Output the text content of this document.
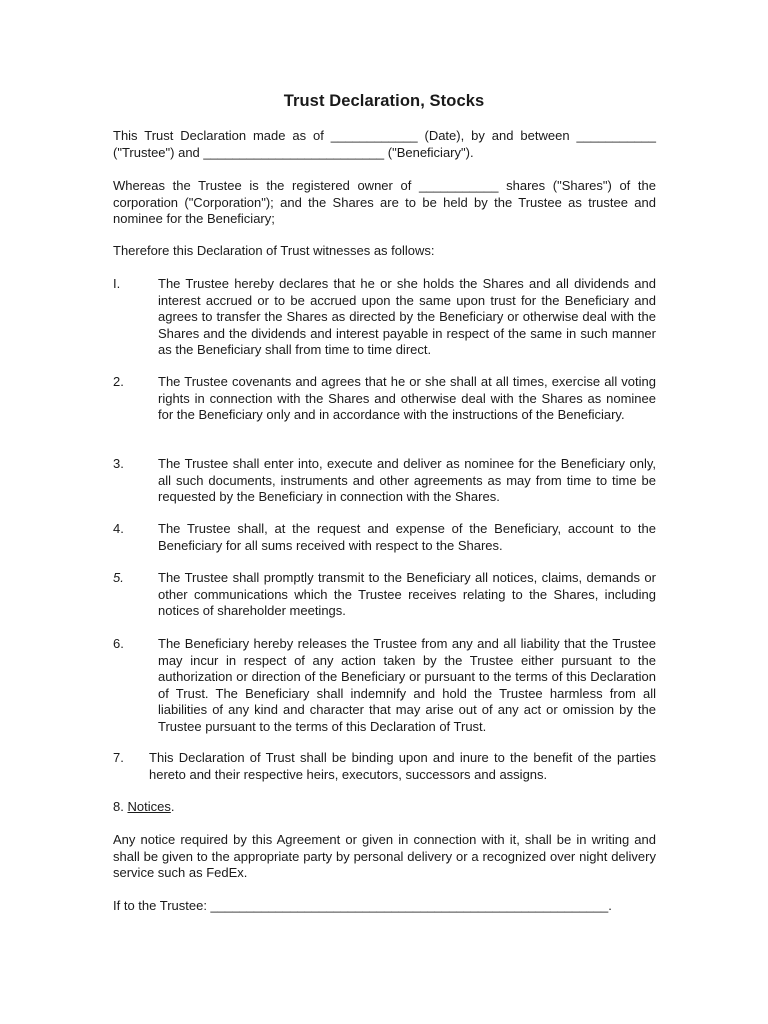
Trust Declaration, Stocks
This Trust Declaration made as of ____________ (Date), by and between ___________ ("Trustee") and _________________________ ("Beneficiary").
Whereas the Trustee is the registered owner of ___________ shares ("Shares") of the corporation ("Corporation"); and the Shares are to be held by the Trustee as trustee and nominee for the Beneficiary;
Therefore this Declaration of Trust witnesses as follows:
I.	The Trustee hereby declares that he or she holds the Shares and all dividends and interest accrued or to be accrued upon the same upon trust for the Beneficiary and agrees to transfer the Shares as directed by the Beneficiary or otherwise deal with the Shares and the dividends and interest payable in respect of the same in such manner as the Beneficiary shall from time to time direct.
2.	The Trustee covenants and agrees that he or she shall at all times, exercise all voting rights in connection with the Shares and otherwise deal with the Shares as nominee for the Beneficiary only and in accordance with the instructions of the Beneficiary.
3.	The Trustee shall enter into, execute and deliver as nominee for the Beneficiary only, all such documents, instruments and other agreements as may from time to time be requested by the Beneficiary in connection with the Shares.
4.	The Trustee shall, at the request and expense of the Beneficiary, account to the Beneficiary for all sums received with respect to the Shares.
5.	The Trustee shall promptly transmit to the Beneficiary all notices, claims, demands or other communications which the Trustee receives relating to the Shares, including notices of shareholder meetings.
6.	The Beneficiary hereby releases the Trustee from any and all liability that the Trustee may incur in respect of any action taken by the Trustee either pursuant to the authorization or direction of the Beneficiary or pursuant to the terms of this Declaration of Trust. The Beneficiary shall indemnify and hold the Trustee harmless from all liabilities of any kind and character that may arise out of any act or omission by the Trustee pursuant to the terms of this Declaration of Trust.
7. This Declaration of Trust shall be binding upon and inure to the benefit of the parties hereto and their respective heirs, executors, successors and assigns.
8. Notices.
Any notice required by this Agreement or given in connection with it, shall be in writing and shall be given to the appropriate party by personal delivery or a recognized over night delivery service such as FedEx.
If to the Trustee: _______________________________________________________.
